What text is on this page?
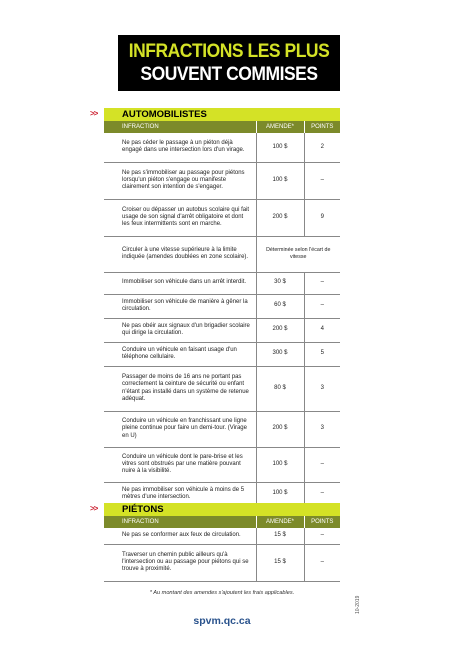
INFRACTIONS LES PLUS
SOUVENT COMMISES
>>	AUTOMOBILISTES
INFRACTION	AMENDE*	POINTS
Ne pas céder le passage à un piéton déjà engagé dans une intersection lors d'un virage.	100 $	2
Ne pas s'immobiliser au passage pour piétons lorsqu'un piéton s'engage ou manifeste clairement son intention de s'engager.	100 $	–
Croiser ou dépasser un autobus scolaire qui fait usage de son signal d'arrêt obligatoire et dont les feux intermittents sont en marche.	200 $	9
Circuler à une vitesse supérieure à la limite indiquée (amendes doublées en zone scolaire).	Déterminée selon l'écart de vitesse	
Immobiliser son véhicule dans un arrêt interdit.	30 $	–
Immobiliser son véhicule de manière à gêner la circulation.	60 $	–
Ne pas obéir aux signaux d'un brigadier scolaire qui dirige la circulation.	200 $	4
Conduire un véhicule en faisant usage d'un téléphone cellulaire.	300 $	5
Passager de moins de 16 ans ne portant pas correctement la ceinture de sécurité ou enfant n'étant pas installé dans un système de retenue adéquat.	80 $	3
Conduire un véhicule en franchissant une ligne pleine continue pour faire un demi-tour. (Virage en U)	200 $	3
Conduire un véhicule dont le pare-brise et les vitres sont obstrués par une matière pouvant nuire à la visibilité.	100 $	–
Ne pas immobiliser son véhicule à moins de 5 mètres d'une intersection.	100 $	–
>>	PIÉTONS
INFRACTION	AMENDE*	POINTS
Ne pas se conformer aux feux de circulation.	15 $	–
Traverser un chemin public ailleurs qu'à l'intersection ou au passage pour piétons qui se trouve à proximité.	15 $	–
* Au montant des amendes s'ajoutent les frais applicables.
spvm.qc.ca
10-2019
